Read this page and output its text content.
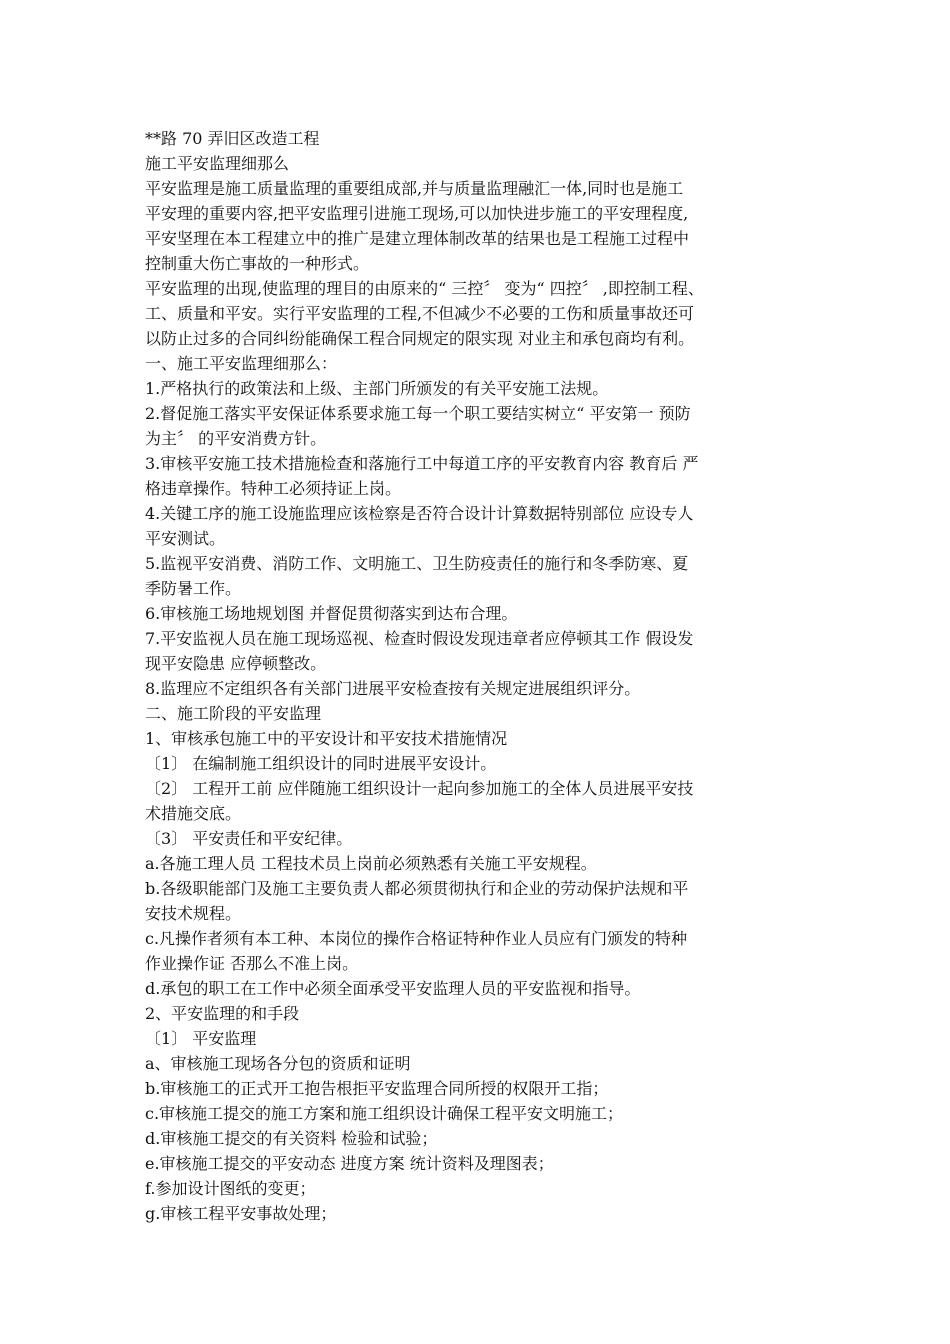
**路 70 弄旧区改造工程
施工平安监理细那么
平安监理是施工质量监理的重要组成部,并与质量监理融汇一体,同时也是施工
平安理的重要内容,把平安监理引进施工现场,可以加快进步施工的平安理程度,
平安坚理在本工程建立中的推广是建立理体制改革的结果也是工程施工过程中
控制重大伤亡事故的一种形式。
平安监理的出现,使监理的理目的由原来的“ 三控〞 变为“ 四控〞 ,即控制工程、
工、质量和平安。实行平安监理的工程,不但减少不必要的工伤和质量事故还可
以防止过多的合同纠纷能确保工程合同规定的限实现 对业主和承包商均有利。
一、施工平安监理细那么：
1.严格执行的政策法和上级、主部门所颁发的有关平安施工法规。
2.督促施工落实平安保证体系要求施工每一个职工要结实树立“ 平安第一 预防
为主〞 的平安消费方针。
3.审核平安施工技术措施检查和落施行工中每道工序的平安教育内容 教育后 严
格违章操作。特种工必须持证上岗。
4.关键工序的施工设施监理应该检察是否符合设计计算数据特别部位 应设专人
平安测试。
5.监视平安消费、消防工作、文明施工、卫生防疫责任的施行和冬季防寒、夏
季防暑工作。
6.审核施工场地规划图 并督促贯彻落实到达布合理。
7.平安监视人员在施工现场巡视、检查时假设发现违章者应停顿其工作 假设发
现平安隐患 应停顿整改。
8.监理应不定组织各有关部门进展平安检查按有关规定进展组织评分。
二、施工阶段的平安监理
1、审核承包施工中的平安设计和平安技术措施情况
〔1〕 在编制施工组织设计的同时进展平安设计。
〔2〕 工程开工前 应伴随施工组织设计一起向参加施工的全体人员进展平安技
术措施交底。
〔3〕 平安责任和平安纪律。
a.各施工理人员 工程技术员上岗前必须熟悉有关施工平安规程。
b.各级职能部门及施工主要负责人都必须贯彻执行和企业的劳动保护法规和平
安技术规程。
c.凡操作者须有本工种、本岗位的操作合格证特种作业人员应有门颁发的特种
作业操作证 否那么不准上岗。
d.承包的职工在工作中必须全面承受平安监理人员的平安监视和指导。
2、平安监理的和手段
〔1〕 平安监理
a、审核施工现场各分包的资质和证明
b.审核施工的正式开工抱告根拒平安监理合同所授的权限开工指；
c.审核施工提交的施工方案和施工组织设计确保工程平安文明施工；
d.审核施工提交的有关资料 检验和试验；
e.审核施工提交的平安动态 进度方案 统计资料及理图表；
f.参加设计图纸的变更；
g.审核工程平安事故处理；
